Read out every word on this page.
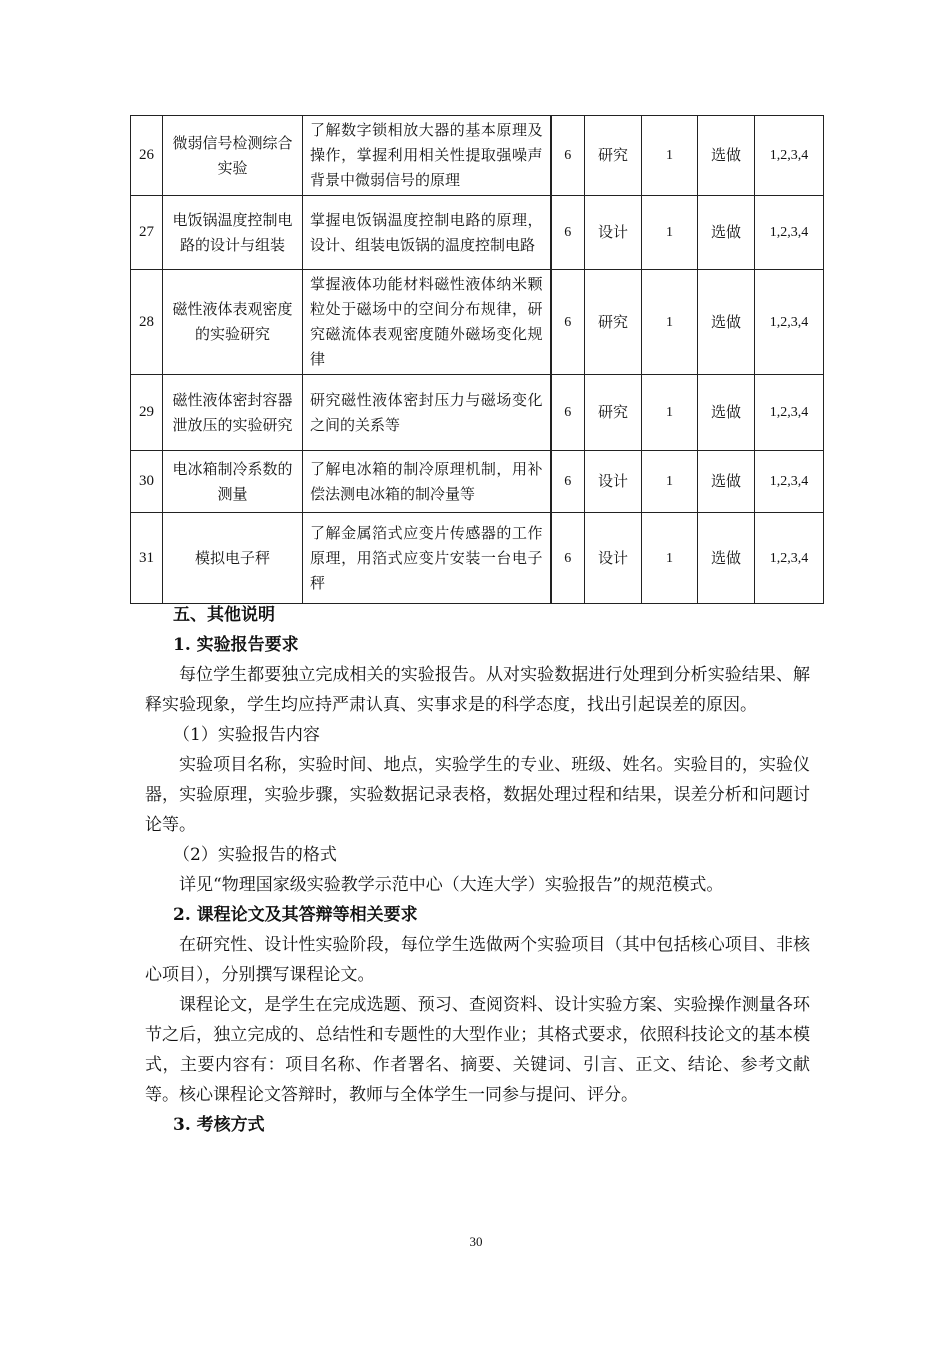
26	微弱信号检测综合实验	了解数字锁相放大器的基本原理及操作，掌握利用相关性提取强噪声背景中微弱信号的原理	6	研究	1	选做	1,2,3,4
27	电饭锅温度控制电路的设计与组装	掌握电饭锅温度控制电路的原理，设计、组装电饭锅的温度控制电路	6	设计	1	选做	1,2,3,4
28	磁性液体表观密度的实验研究	掌握液体功能材料磁性液体纳米颗粒处于磁场中的空间分布规律，研究磁流体表观密度随外磁场变化规律	6	研究	1	选做	1,2,3,4
29	磁性液体密封容器泄放压的实验研究	研究磁性液体密封压力与磁场变化之间的关系等	6	研究	1	选做	1,2,3,4
30	电冰箱制冷系数的测量	了解电冰箱的制冷原理机制，用补偿法测电冰箱的制冷量等	6	设计	1	选做	1,2,3,4
31	模拟电子秤	了解金属箔式应变片传感器的工作原理，用箔式应变片安装一台电子秤	6	设计	1	选做	1,2,3,4

五、其他说明

1. 实验报告要求

每位学生都要独立完成相关的实验报告。从对实验数据进行处理到分析实验结果、解释实验现象，学生均应持严肃认真、实事求是的科学态度，找出引起误差的原因。

（1）实验报告内容

实验项目名称，实验时间、地点，实验学生的专业、班级、姓名。实验目的，实验仪器，实验原理，实验步骤，实验数据记录表格，数据处理过程和结果，误差分析和问题讨论等。

（2）实验报告的格式

详见“物理国家级实验教学示范中心（大连大学）实验报告”的规范模式。

2. 课程论文及其答辩等相关要求

在研究性、设计性实验阶段，每位学生选做两个实验项目（其中包括核心项目、非核心项目），分别撰写课程论文。

课程论文，是学生在完成选题、预习、查阅资料、设计实验方案、实验操作测量各环节之后，独立完成的、总结性和专题性的大型作业；其格式要求，依照科技论文的基本模式，主要内容有：项目名称、作者署名、摘要、关键词、引言、正文、结论、参考文献等。核心课程论文答辩时，教师与全体学生一同参与提问、评分。

3. 考核方式

30
